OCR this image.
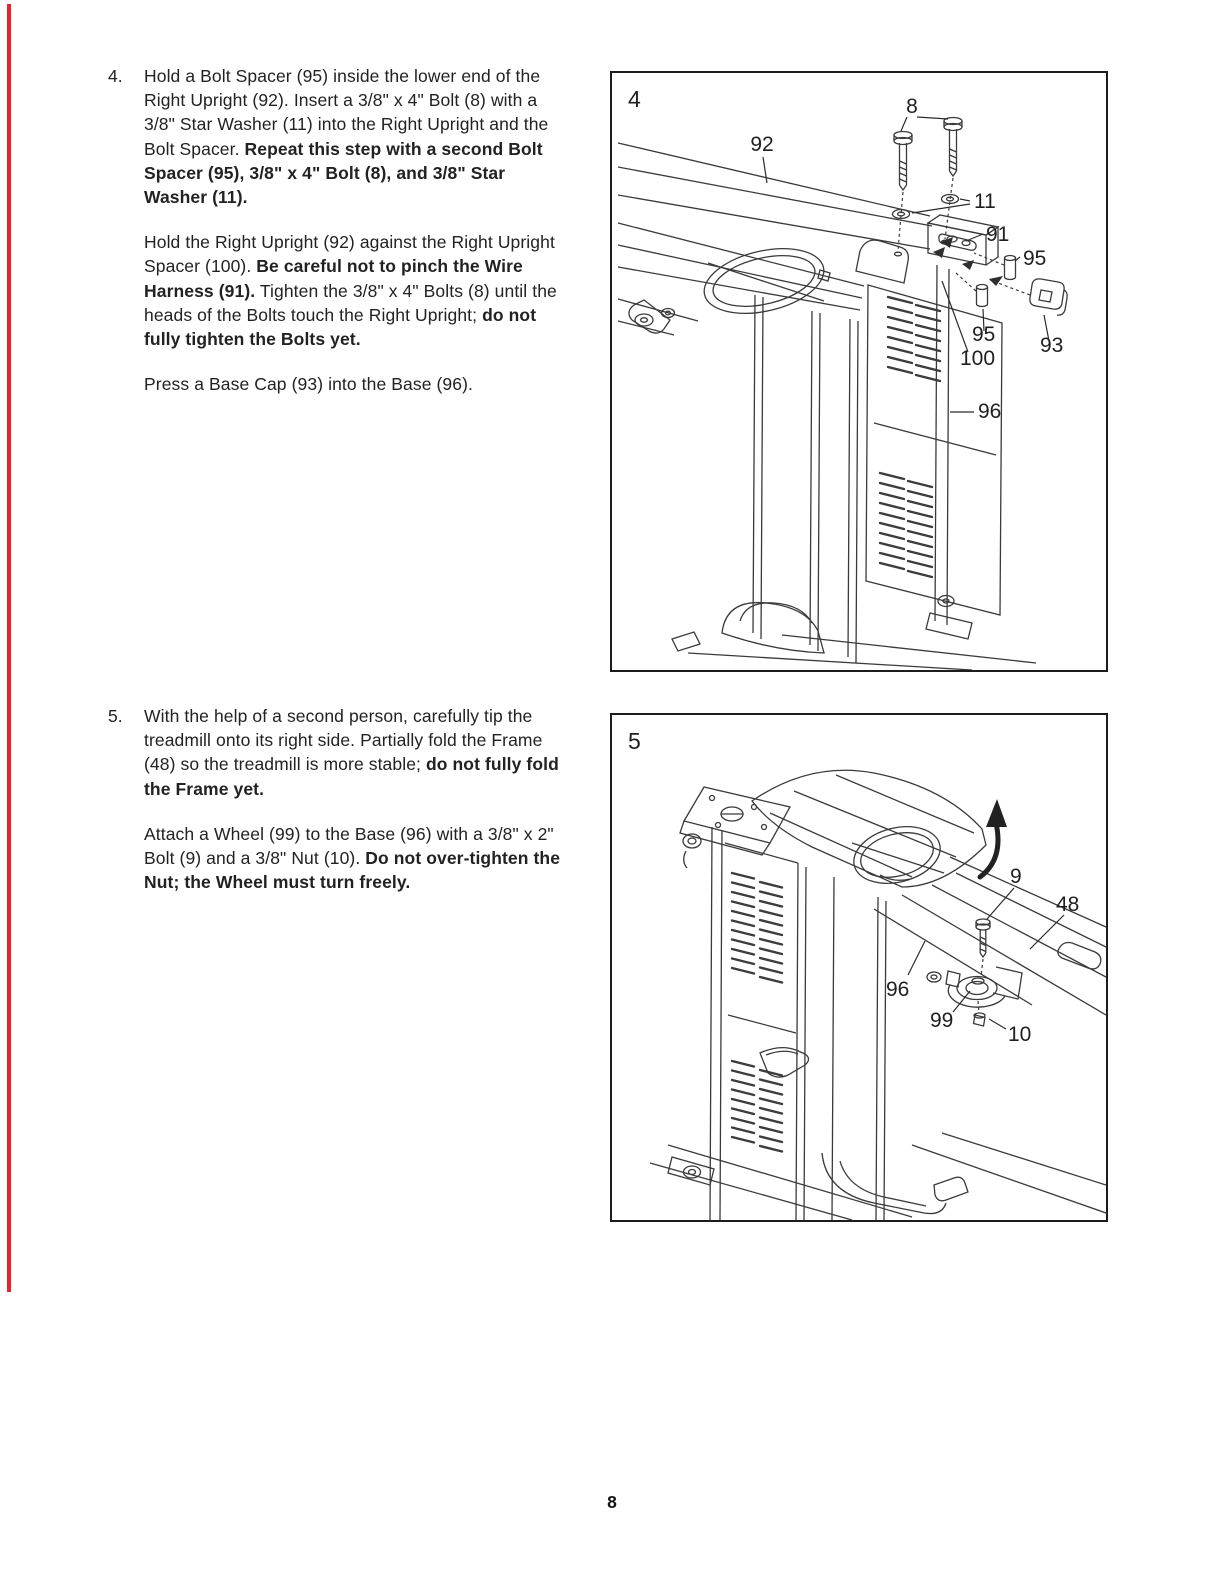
4.	Hold a Bolt Spacer (95) inside the lower end of the Right Upright (92). Insert a 3/8" x 4" Bolt (8) with a 3/8" Star Washer (11) into the Right Upright and the Bolt Spacer. Repeat this step with a second Bolt Spacer (95), 3/8" x 4" Bolt (8), and 3/8" Star Washer (11).

Hold the Right Upright (92) against the Right Upright Spacer (100). Be careful not to pinch the Wire Harness (91). Tighten the 3/8" x 4" Bolts (8) until the heads of the Bolts touch the Right Upright; do not fully tighten the Bolts yet.

Press a Base Cap (93) into the Base (96).

4	8
92
11
91
95
95
100
93
96
5.	With the help of a second person, carefully tip the treadmill onto its right side. Partially fold the Frame (48) so the treadmill is more stable; do not fully fold the Frame yet.

Attach a Wheel (99) to the Base (96) with a 3/8" x 2" Bolt (9) and a 3/8" Nut (10). Do not over-tighten the Nut; the Wheel must turn freely.

5
9
48
96
99
10
8
